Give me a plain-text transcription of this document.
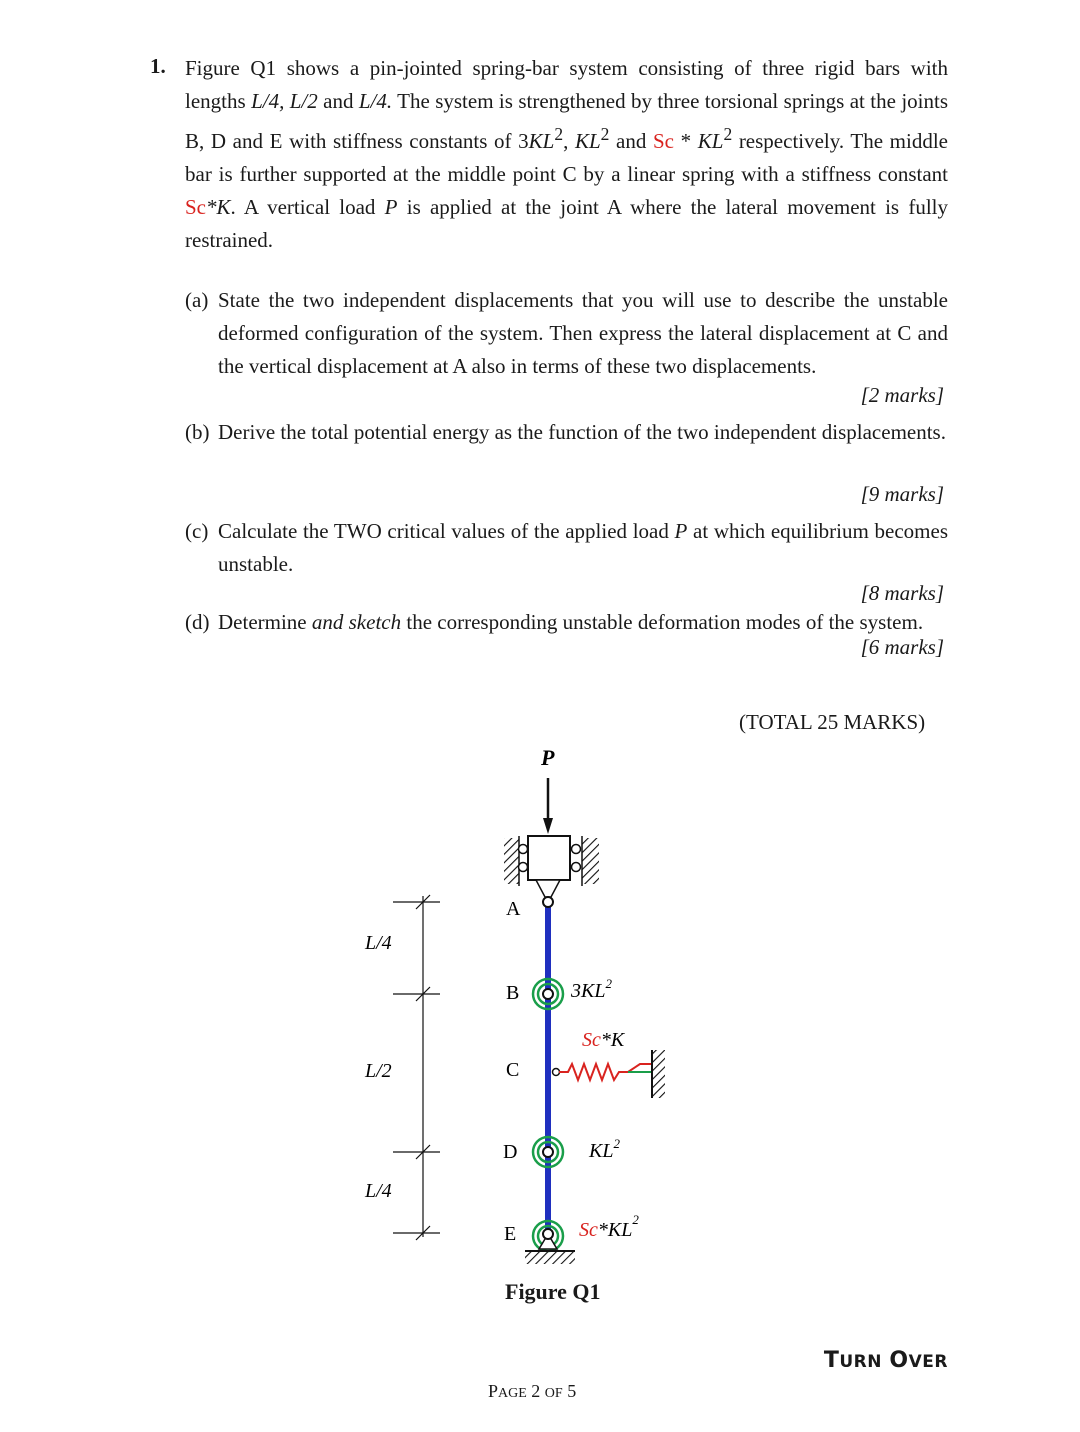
1. Figure Q1 shows a pin-jointed spring-bar system consisting of three rigid bars with lengths L/4, L/2 and L/4. The system is strengthened by three torsional springs at the joints B, D and E with stiffness constants of $3KL^2$, $KL^2$ and Sc * $KL^2$ respectively. The middle bar is further supported at the middle point C by a linear spring with a stiffness constant Sc*K. A vertical load P is applied at the joint A where the lateral movement is fully restrained.
(a) State the two independent displacements that you will use to describe the unstable deformed configuration of the system. Then express the lateral displacement at C and the vertical displacement at A also in terms of these two displacements.
[2 marks]
(b) Derive the total potential energy as the function of the two independent displacements.
[9 marks]
(c) Calculate the TWO critical values of the applied load P at which equilibrium becomes unstable.
[8 marks]
(d) Determine and sketch the corresponding unstable deformation modes of the system.
[6 marks]
(TOTAL 25 MARKS)
P
A
B	$3KL^2$
C
Sc*K
D	$KL^2$
E	$Sc*KL^2$
L/4
L/2
L/4
Figure Q1
TURN OVER
PAGE 2 OF 5
